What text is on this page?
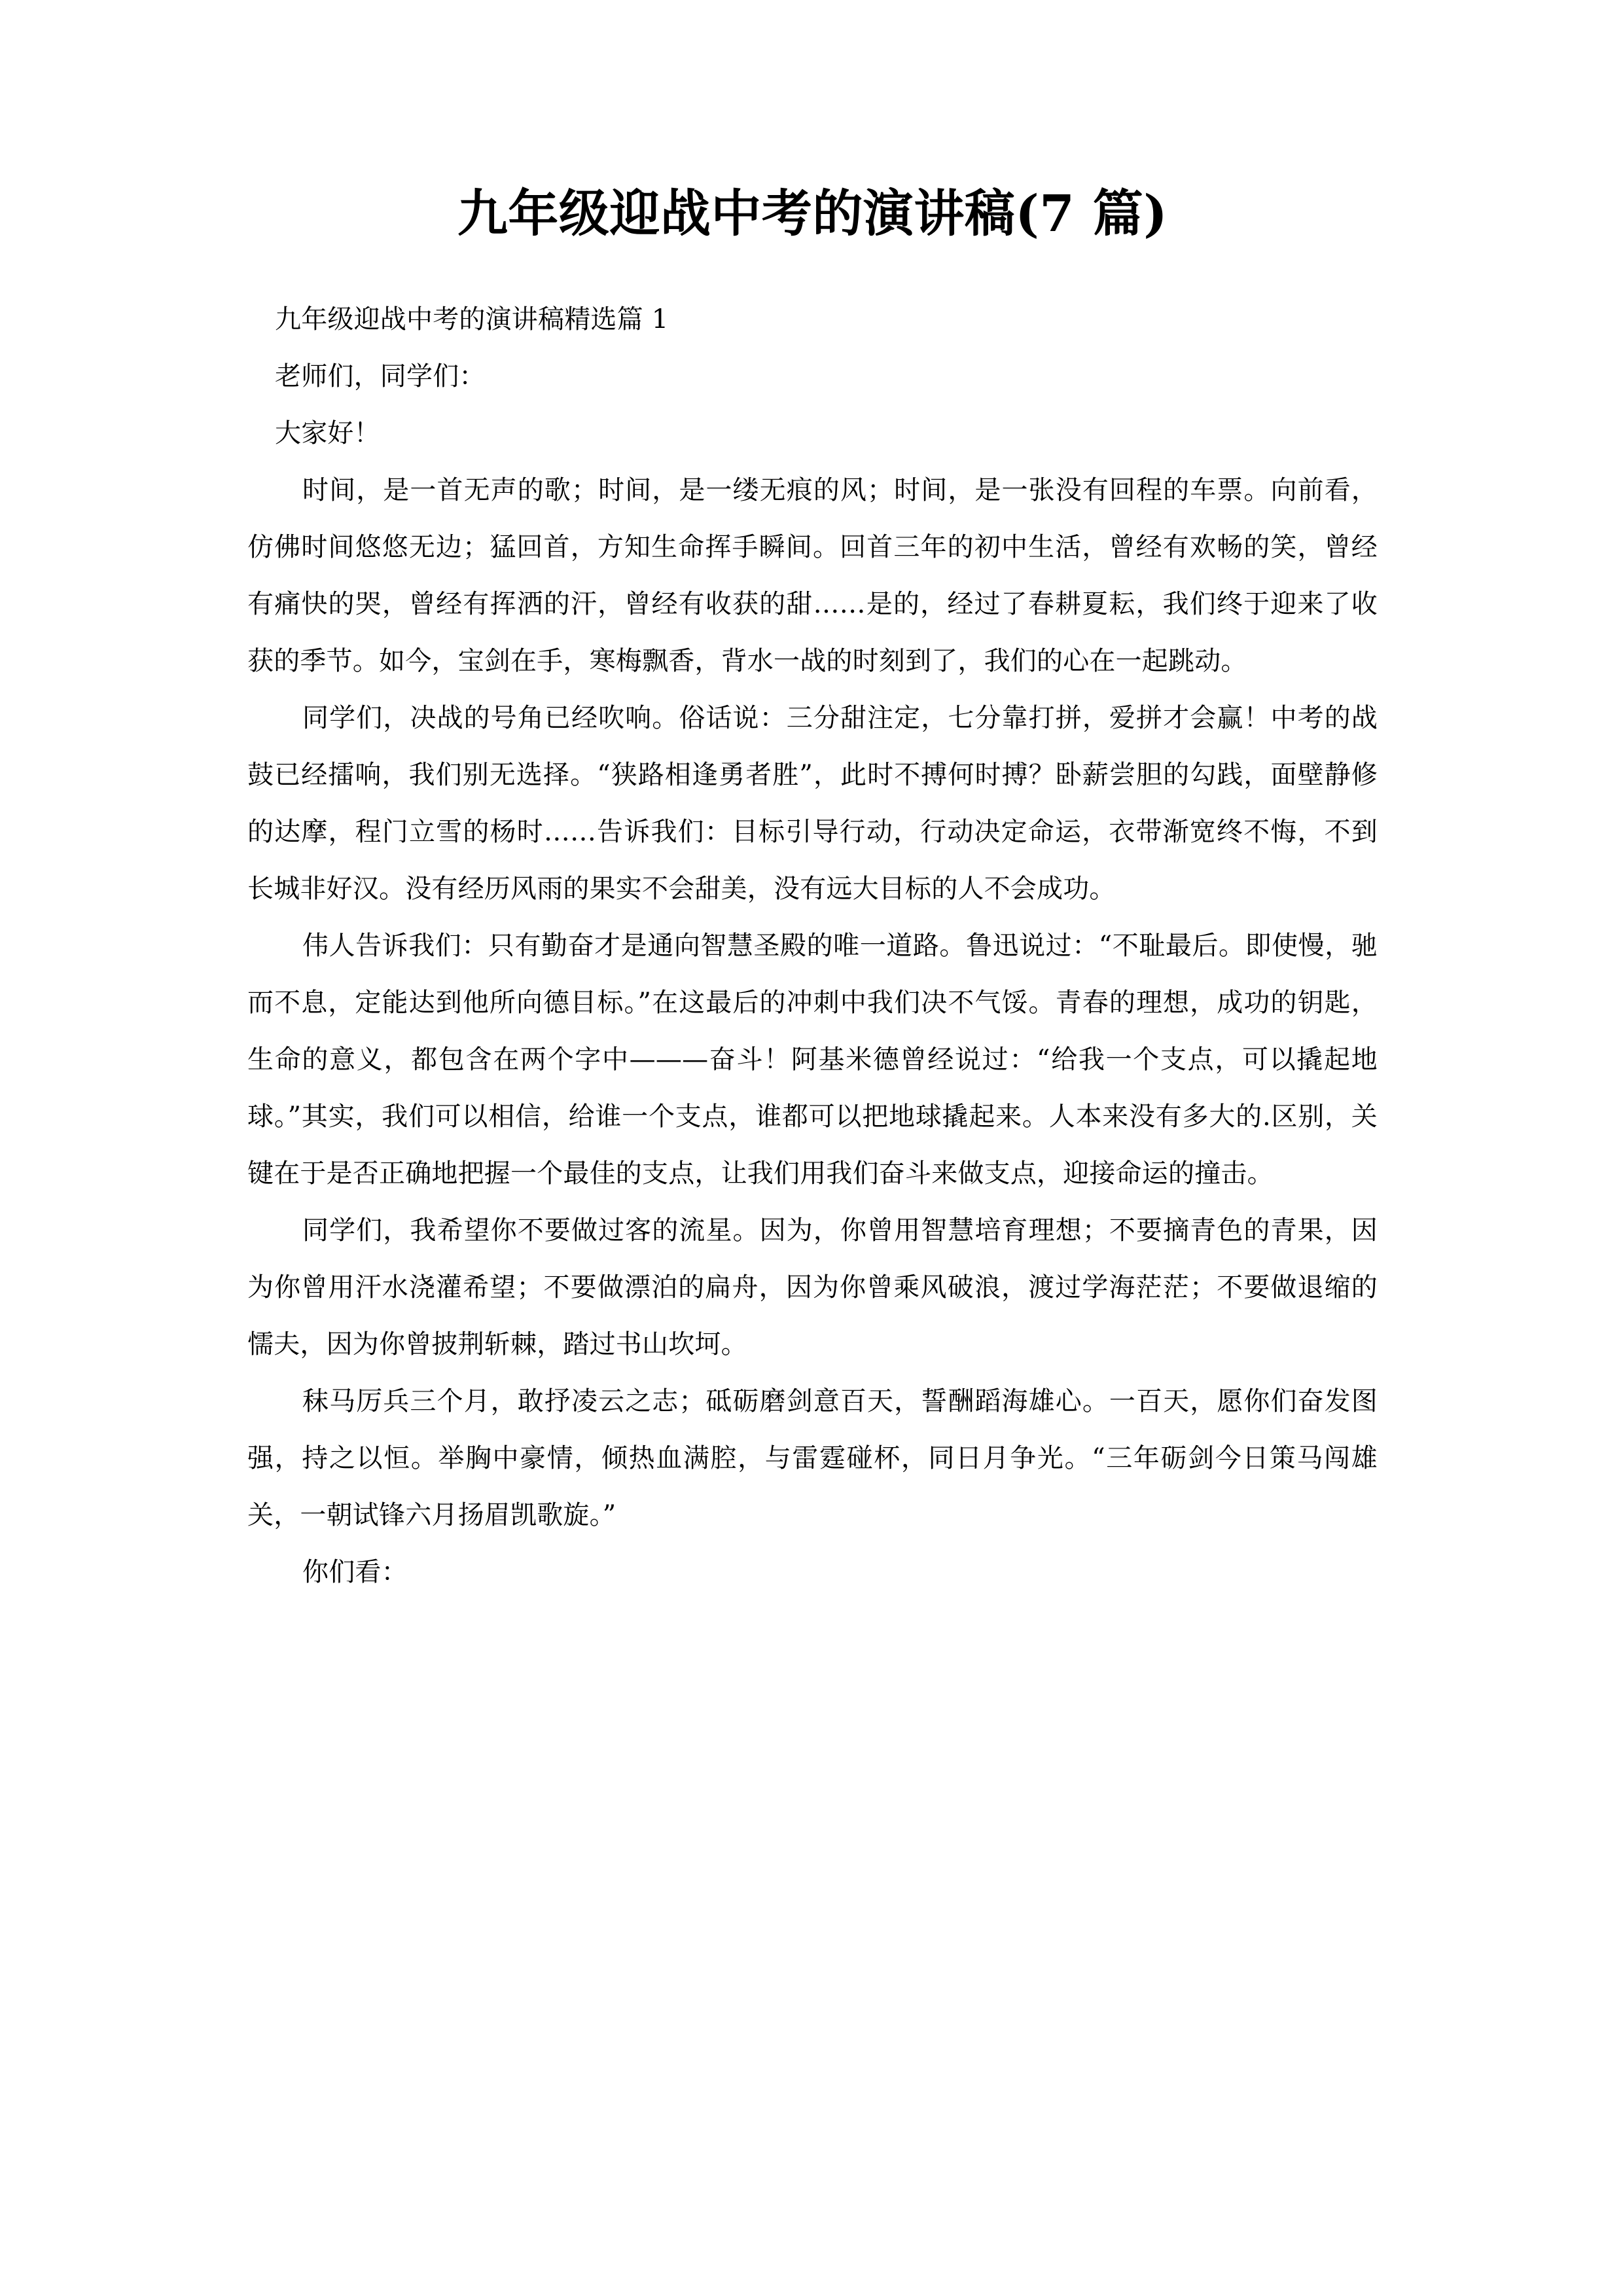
九年级迎战中考的演讲稿(7 篇)

九年级迎战中考的演讲稿精选篇 1

老师们，同学们：

大家好！

时间，是一首无声的歌；时间，是一缕无痕的风；时间，是一张没有回程的车票。向前看，仿佛时间悠悠无边；猛回首，方知生命挥手瞬间。回首三年的初中生活，曾经有欢畅的笑，曾经有痛快的哭，曾经有挥洒的汗，曾经有收获的甜……是的，经过了春耕夏耘，我们终于迎来了收获的季节。如今，宝剑在手，寒梅飘香，背水一战的时刻到了，我们的心在一起跳动。

同学们，决战的号角已经吹响。俗话说：三分甜注定，七分靠打拼，爱拼才会赢！中考的战鼓已经擂响，我们别无选择。“狭路相逢勇者胜”，此时不搏何时搏？卧薪尝胆的勾践，面壁静修的达摩，程门立雪的杨时……告诉我们：目标引导行动，行动决定命运，衣带渐宽终不悔，不到长城非好汉。没有经历风雨的果实不会甜美，没有远大目标的人不会成功。

伟人告诉我们：只有勤奋才是通向智慧圣殿的唯一道路。鲁迅说过：“不耻最后。即使慢，驰而不息，定能达到他所向德目标。”在这最后的冲刺中我们决不气馁。青春的理想，成功的钥匙，生命的意义，都包含在两个字中———奋斗！阿基米德曾经说过：“给我一个支点，可以撬起地球。”其实，我们可以相信，给谁一个支点，谁都可以把地球撬起来。人本来没有多大的.区别，关键在于是否正确地把握一个最佳的支点，让我们用我们奋斗来做支点，迎接命运的撞击。

同学们，我希望你不要做过客的流星。因为，你曾用智慧培育理想；不要摘青色的青果，因为你曾用汗水浇灌希望；不要做漂泊的扁舟，因为你曾乘风破浪，渡过学海茫茫；不要做退缩的懦夫，因为你曾披荆斩棘，踏过书山坎坷。

秣马厉兵三个月，敢抒凌云之志；砥砺磨剑意百天，誓酬蹈海雄心。一百天，愿你们奋发图强，持之以恒。举胸中豪情，倾热血满腔，与雷霆碰杯，同日月争光。“三年砺剑今日策马闯雄关，一朝试锋六月扬眉凯歌旋。”

你们看：
